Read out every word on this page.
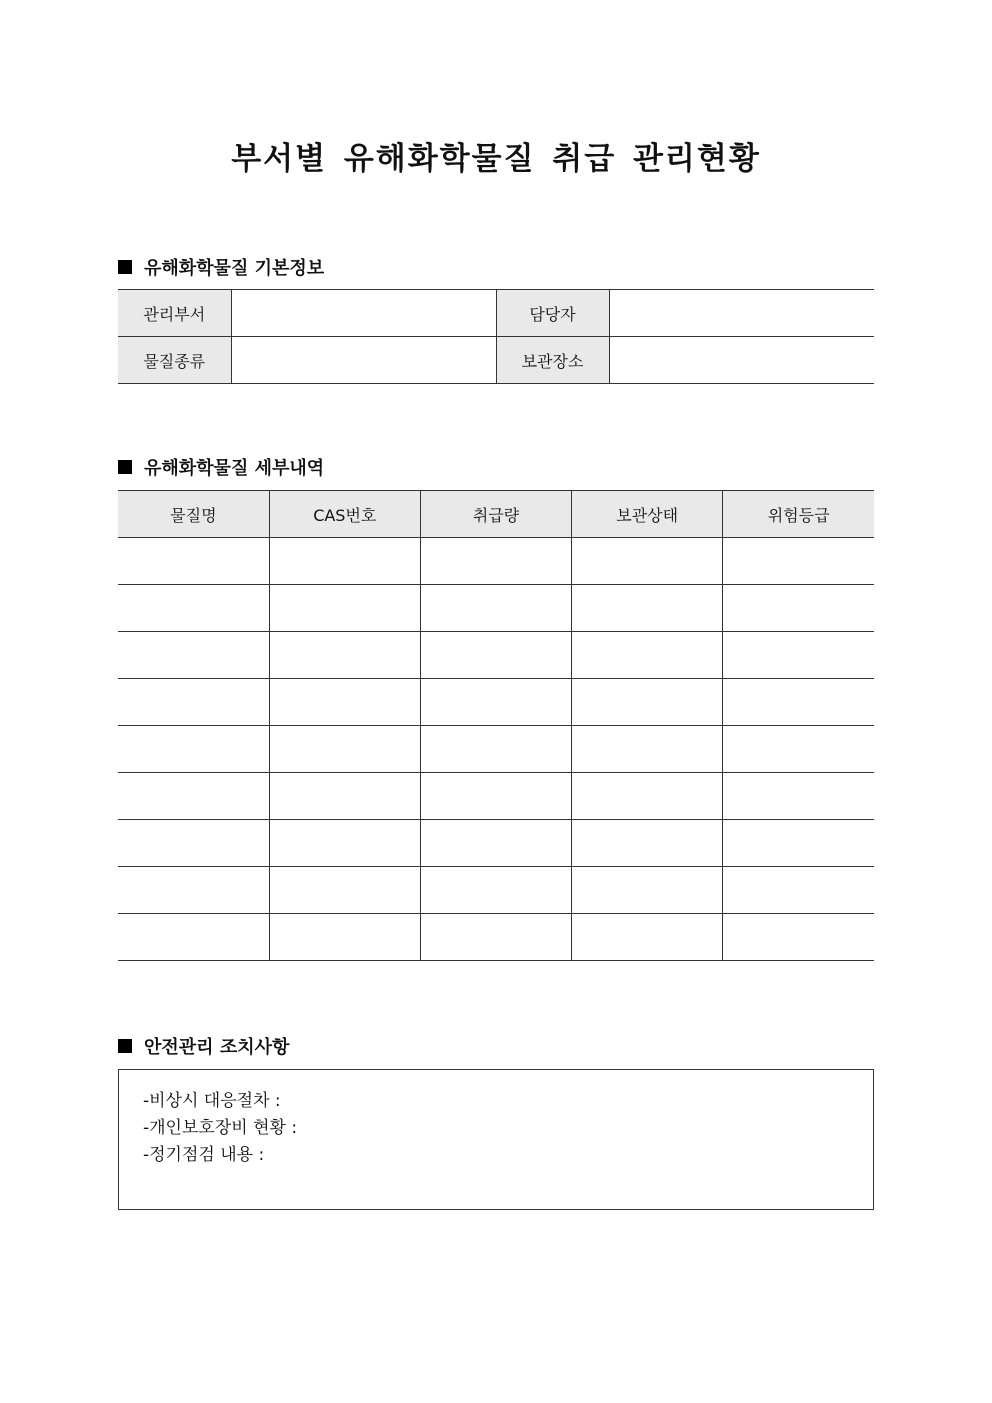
부서별 유해화학물질 취급 관리현황
유해화학물질 기본정보
관리부서		담당자	
물질종류		보관장소	
유해화학물질 세부내역
물질명	CAS번호	취급량	보관상태	위험등급

안전관리 조치사항
-비상시 대응절차 :
-개인보호장비 현황 :
-정기점검 내용 :
